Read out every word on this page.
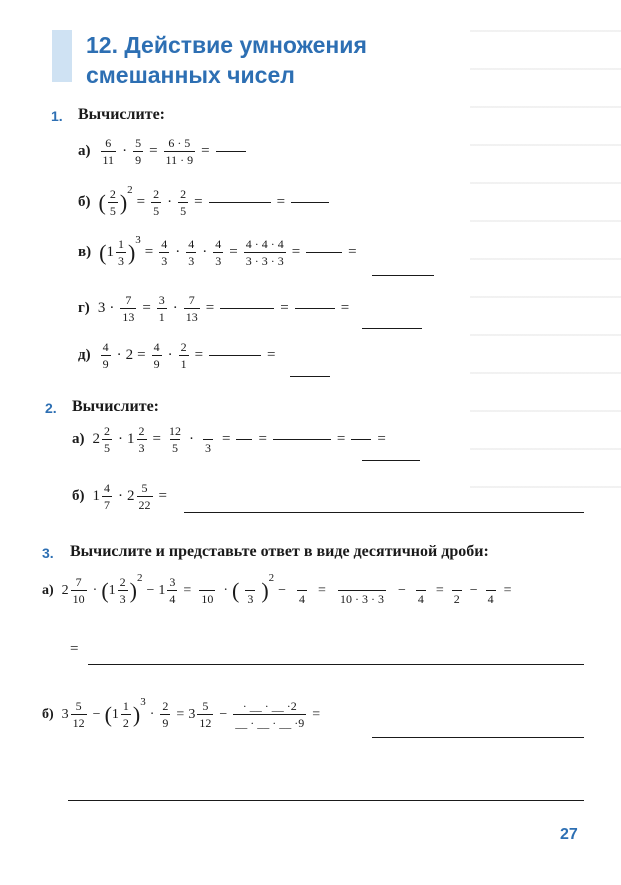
12. Действие умножения
смешанных чисел
1. Вычислите:
а) 6
11
· $\frac{5}{9} = \frac{6 \cdot 5}{11 \cdot 9}$ =
б) ( 2
5 ) 2
= $\frac{2}{5} \cdot \frac{2}{5}$ =	=
в) ( 1 1
3 ) 3
= $\frac{4}{3} \cdot 4$
3
· $\frac{4}{3} = \frac{4 \cdot 4 \cdot 4}{3 \cdot 3 \cdot 3}$ =	=
г) $3 \cdot \frac{7}{13} = \frac{3}{1} \cdot \frac{7}{13}$ =	=	=
д) 4
9
· $2 = \frac{4}{9} \cdot \frac{2}{1}$ =	=
2. Вычислите:
а) 2 2
5
· $1 \frac{2}{3} = \frac{12}{5}$ ·
3
= =	= =
б) 1 4
7
· $2 \frac{5}{22}$ =
3. Вычислите и представьте ответ в виде десятичной дроби:
а) 2
7
10
· ( 1
2
3 ) 2
− $1 \frac{3}{4}$ =
10
· ( 3 ) 2
−
4
=
10 · 3 · 3
−
4
=
2
−
4
=
=
б) 3
5
12
− ( 1
1
2 ) 3
· $\frac{2}{9} = 3$
5
12
− $\frac{\cdot \_\_ \cdot \_\_ \cdot 2}{\_\_ \cdot \_\_ \cdot \_\_ \cdot 9}$ =
27
